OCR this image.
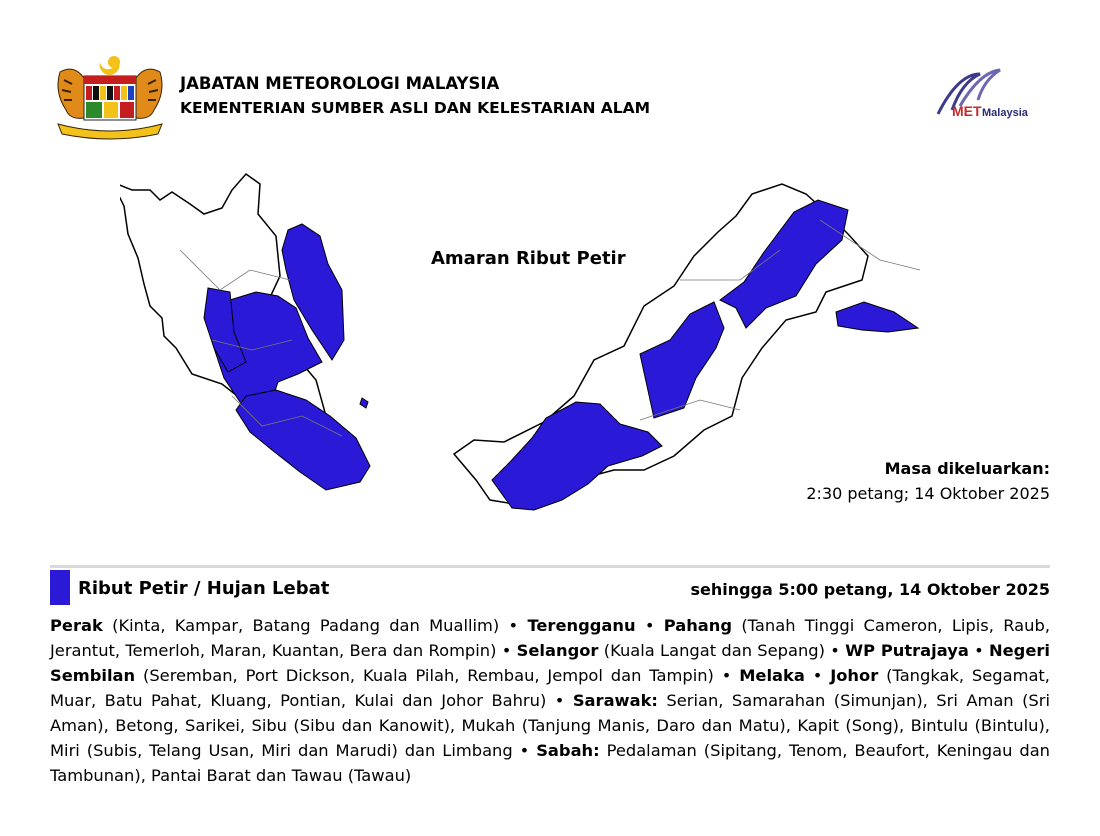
JABATAN METEOROLOGI MALAYSIA
KEMENTERIAN SUMBER ASLI DAN KELESTARIAN ALAM	MET Malaysia
Amaran Ribut Petir
Masa dikeluarkan:
2:30 petang; 14 Oktober 2025
Ribut Petir / Hujan Lebat	sehingga 5:00 petang, 14 Oktober 2025
Perak (Kinta, Kampar, Batang Padang dan Muallim) • Terengganu • Pahang (Tanah Tinggi Cameron, Lipis, Raub, Jerantut, Temerloh, Maran, Kuantan, Bera dan Rompin) • Selangor (Kuala Langat dan Sepang) • WP Putrajaya • Negeri Sembilan (Seremban, Port Dickson, Kuala Pilah, Rembau, Jempol dan Tampin) • Melaka • Johor (Tangkak, Segamat, Muar, Batu Pahat, Kluang, Pontian, Kulai dan Johor Bahru) • Sarawak: Serian, Samarahan (Simunjan), Sri Aman (Sri Aman), Betong, Sarikei, Sibu (Sibu dan Kanowit), Mukah (Tanjung Manis, Daro dan Matu), Kapit (Song), Bintulu (Bintulu), Miri (Subis, Telang Usan, Miri dan Marudi) dan Limbang • Sabah: Pedalaman (Sipitang, Tenom, Beaufort, Keningau dan Tambunan), Pantai Barat dan Tawau (Tawau)
